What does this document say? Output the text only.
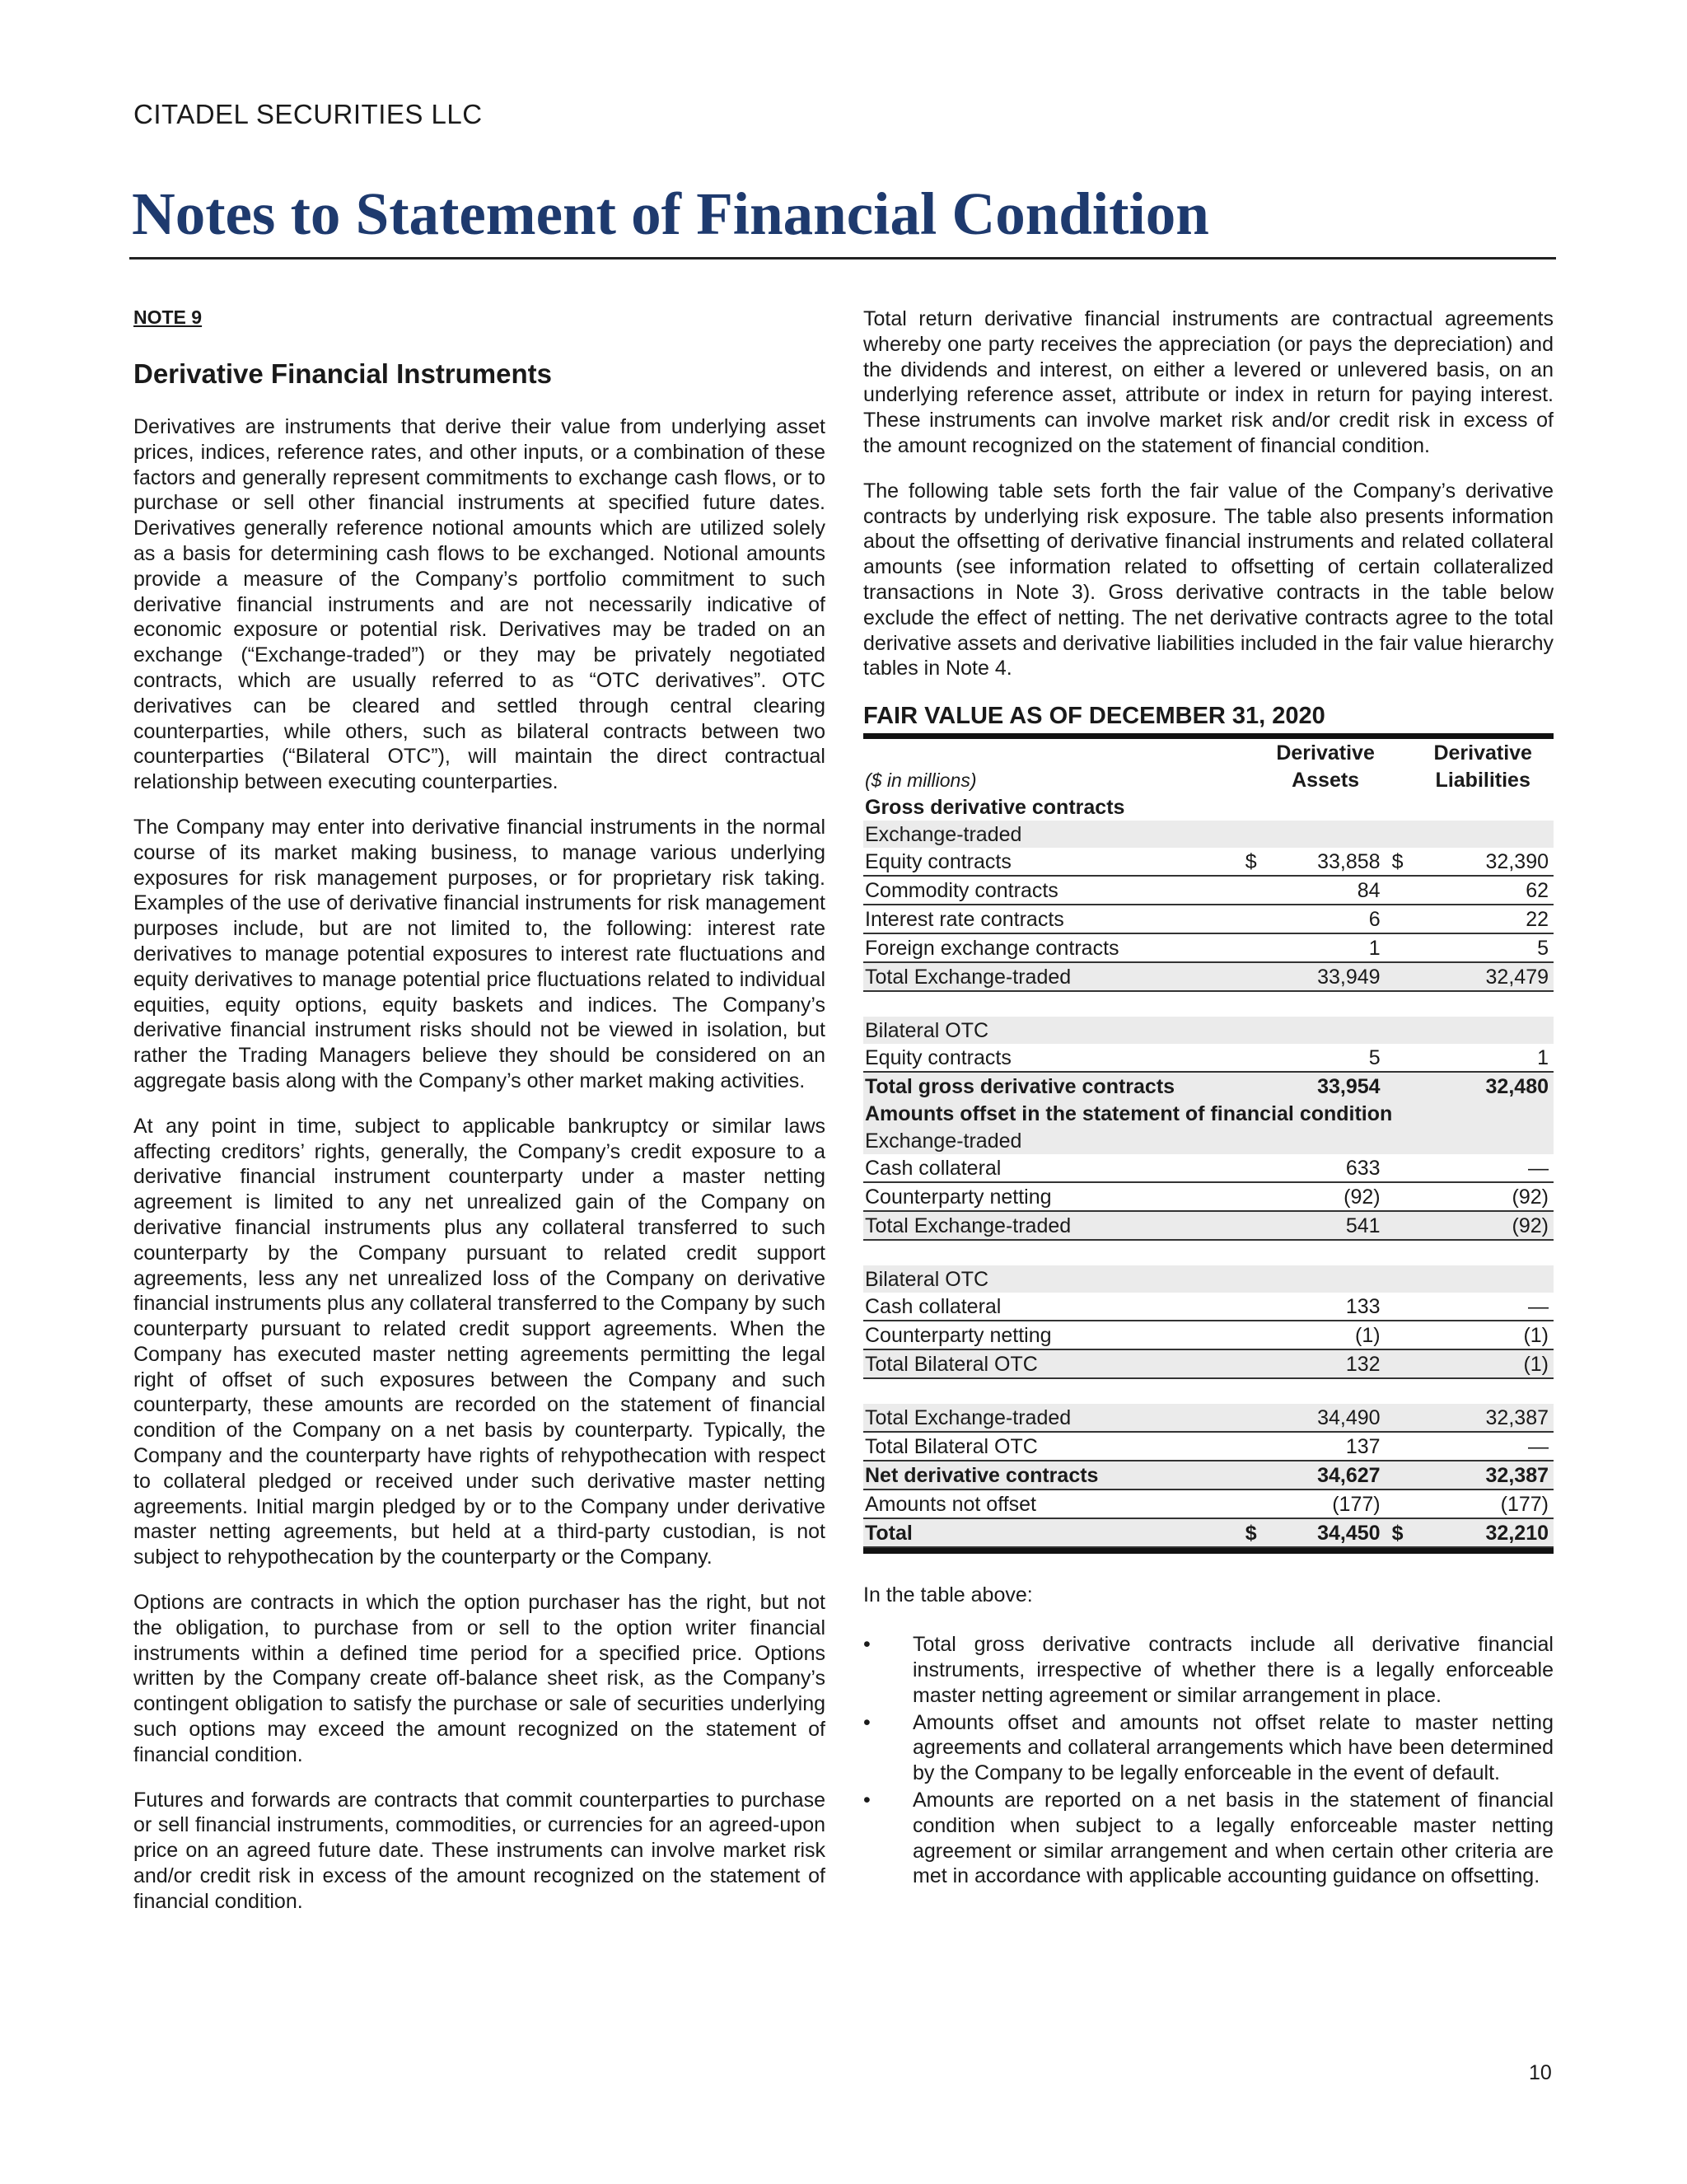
CITADEL SECURITIES LLC
Notes to Statement of Financial Condition
NOTE 9
Derivative Financial Instruments

Derivatives are instruments that derive their value from underlying asset prices, indices, reference rates, and other inputs, or a combination of these factors and generally represent commitments to exchange cash flows, or to purchase or sell other financial instruments at specified future dates. Derivatives generally reference notional amounts which are utilized solely as a basis for determining cash flows to be exchanged. Notional amounts provide a measure of the Company’s portfolio commitment to such derivative financial instruments and are not necessarily indicative of economic exposure or potential risk. Derivatives may be traded on an exchange (“Exchange-traded”) or they may be privately negotiated contracts, which are usually referred to as “OTC derivatives”. OTC derivatives can be cleared and settled through central clearing counterparties, while others, such as bilateral contracts between two counterparties (“Bilateral OTC”), will maintain the direct contractual relationship between executing counterparties.

The Company may enter into derivative financial instruments in the normal course of its market making business, to manage various underlying exposures for risk management purposes, or for proprietary risk taking. Examples of the use of derivative financial instruments for risk management purposes include, but are not limited to, the following: interest rate derivatives to manage potential exposures to interest rate fluctuations and equity derivatives to manage potential price fluctuations related to individual equities, equity options, equity baskets and indices. The Company’s derivative financial instrument risks should not be viewed in isolation, but rather the Trading Managers believe they should be considered on an aggregate basis along with the Company’s other market making activities.

At any point in time, subject to applicable bankruptcy or similar laws affecting creditors’ rights, generally, the Company’s credit exposure to a derivative financial instrument counterparty under a master netting agreement is limited to any net unrealized gain of the Company on derivative financial instruments plus any collateral transferred to such counterparty by the Company pursuant to related credit support agreements, less any net unrealized loss of the Company on derivative financial instruments plus any collateral transferred to the Company by such counterparty pursuant to related credit support agreements. When the Company has executed master netting agreements permitting the legal right of offset of such exposures between the Company and such counterparty, these amounts are recorded on the statement of financial condition of the Company on a net basis by counterparty. Typically, the Company and the counterparty have rights of rehypothecation with respect to collateral pledged or received under such derivative master netting agreements. Initial margin pledged by or to the Company under derivative master netting agreements, but held at a third-party custodian, is not subject to rehypothecation by the counterparty or the Company.

Options are contracts in which the option purchaser has the right, but not the obligation, to purchase from or sell to the option writer financial instruments within a defined time period for a specified price. Options written by the Company create off-balance sheet risk, as the Company’s contingent obligation to satisfy the purchase or sale of securities underlying such options may exceed the amount recognized on the statement of financial condition.

Futures and forwards are contracts that commit counterparties to purchase or sell financial instruments, commodities, or currencies for an agreed-upon price on an agreed future date. These instruments can involve market risk and/or credit risk in excess of the amount recognized on the statement of financial condition.

Total return derivative financial instruments are contractual agreements whereby one party receives the appreciation (or pays the depreciation) and the dividends and interest, on either a levered or unlevered basis, on an underlying reference asset, attribute or index in return for paying interest. These instruments can involve market risk and/or credit risk in excess of the amount recognized on the statement of financial condition.

The following table sets forth the fair value of the Company’s derivative contracts by underlying risk exposure. The table also presents information about the offsetting of derivative financial instruments and related collateral amounts (see information related to offsetting of certain collateralized transactions in Note 3). Gross derivative contracts in the table below exclude the effect of netting. The net derivative contracts agree to the total derivative assets and derivative liabilities included in the fair value hierarchy tables in Note 4.

FAIR VALUE AS OF DECEMBER 31, 2020
		Derivative		Derivative
($ in millions)		Assets		Liabilities
Gross derivative contracts				
Exchange-traded				
Equity contracts	$	33,858	$	32,390
Commodity contracts		84		62
Interest rate contracts		6		22
Foreign exchange contracts		1		5
Total Exchange-traded		33,949		32,479

Bilateral OTC				
Equity contracts		5		1
Total gross derivative contracts		33,954		32,480
Amounts offset in the statement of financial condition				
Exchange-traded				
Cash collateral		633		—
Counterparty netting		(92)		(92)
Total Exchange-traded		541		(92)

Bilateral OTC				
Cash collateral		133		—
Counterparty netting		(1)		(1)
Total Bilateral OTC		132		(1)

Total Exchange-traded		34,490		32,387
Total Bilateral OTC		137		—
Net derivative contracts		34,627		32,387
Amounts not offset		(177)		(177)
Total	$	34,450	$	32,210
In the table above:
• Total gross derivative contracts include all derivative financial instruments, irrespective of whether there is a legally enforceable master netting agreement or similar arrangement in place.
• Amounts offset and amounts not offset relate to master netting agreements and collateral arrangements which have been determined by the Company to be legally enforceable in the event of default.
• Amounts are reported on a net basis in the statement of financial condition when subject to a legally enforceable master netting agreement or similar arrangement and when certain other criteria are met in accordance with applicable accounting guidance on offsetting.
10
